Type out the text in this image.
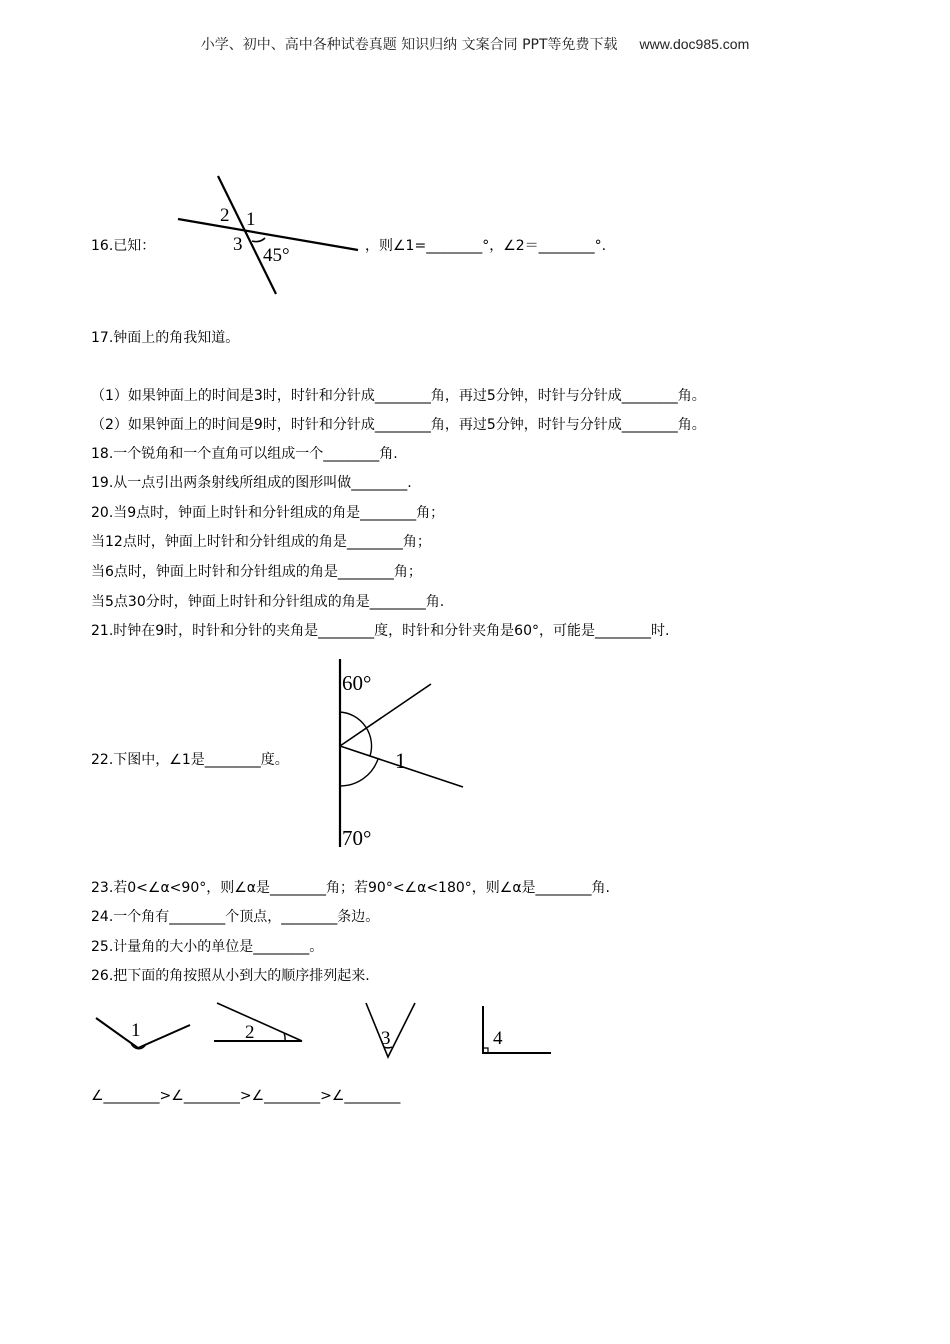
小学、初中、高中各种试卷真题 知识归纳 文案合同 PPT等免费下载 www.doc985.com
16.已知：
2 1
3
45°	，则∠1=________°，∠2＝________°.
17.钟面上的角我知道。
（1）如果钟面上的时间是3时，时针和分针成________角，再过5分钟，时针与分针成________角。
（2）如果钟面上的时间是9时，时针和分针成________角，再过5分钟，时针与分针成________角。
18.一个锐角和一个直角可以组成一个________角.
19.从一点引出两条射线所组成的图形叫做________.
20.当9点时，钟面上时针和分针组成的角是________角；
当12点时，钟面上时针和分针组成的角是________角；
当6点时，钟面上时针和分针组成的角是________角；
当5点30分时，钟面上时针和分针组成的角是________角.
21.时钟在9时，时针和分针的夹角是________度，时针和分针夹角是60°，可能是________时.
22.下图中，∠1是________度。
60°
1
70°
23.若0<∠α<90°，则∠α是________角；若90°<∠α<180°，则∠α是________角.
24.一个角有________个顶点，________条边。
25.计量角的大小的单位是________。
26.把下面的角按照从小到大的顺序排列起来.
1	2	3	4
∠________>∠________>∠________>∠________
